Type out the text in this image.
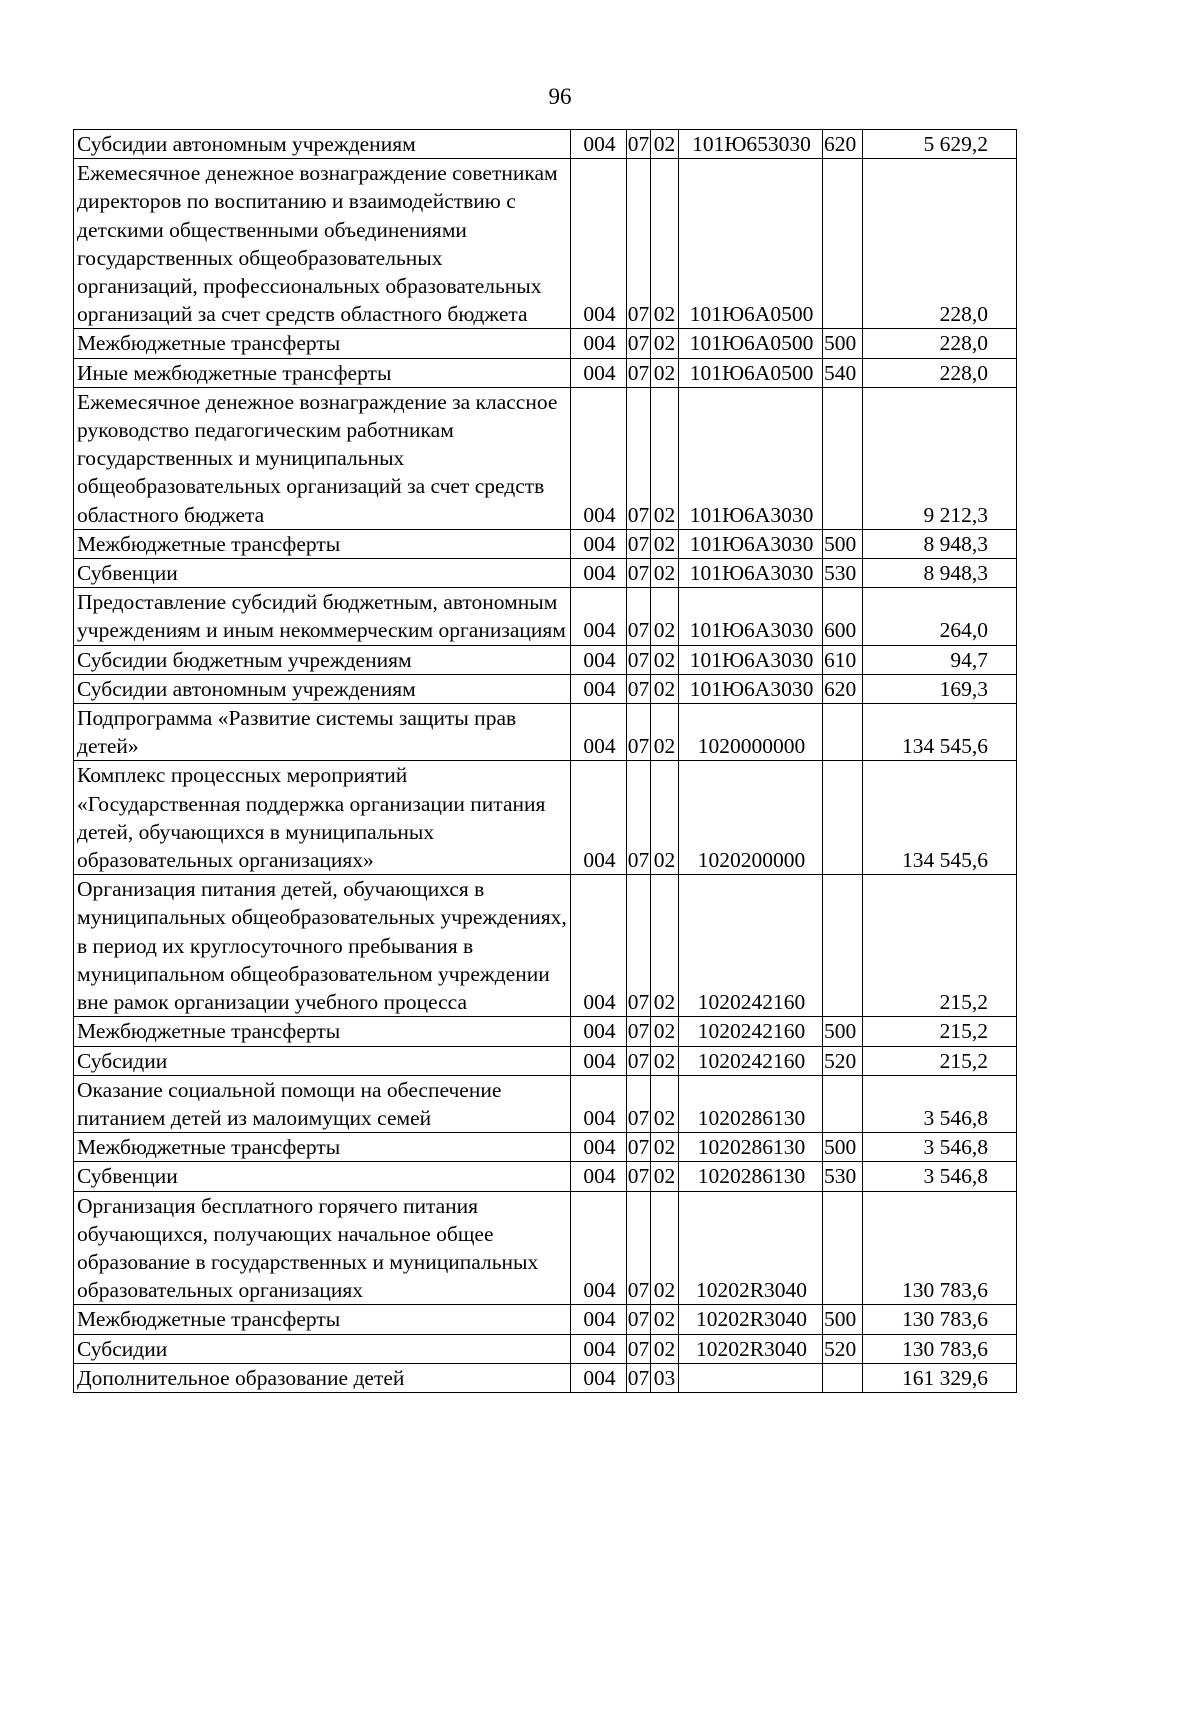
96
Субсидии автономным учреждениям	004	07	02	101Ю653030	620	5 629,2
Ежемесячное денежное вознаграждение советникам директоров по воспитанию и взаимодействию с детскими общественными объединениями государственных общеобразовательных организаций, профессиональных образовательных организаций за счет средств областного бюджета	004	07	02	101Ю6А0500		228,0
Межбюджетные трансферты	004	07	02	101Ю6А0500	500	228,0
Иные межбюджетные трансферты	004	07	02	101Ю6А0500	540	228,0
Ежемесячное денежное вознаграждение за классное руководство педагогическим работникам государственных и муниципальных общеобразовательных организаций за счет средств областного бюджета	004	07	02	101Ю6А3030		9 212,3
Межбюджетные трансферты	004	07	02	101Ю6А3030	500	8 948,3
Субвенции	004	07	02	101Ю6А3030	530	8 948,3
Предоставление субсидий бюджетным, автономным учреждениям и иным некоммерческим организациям	004	07	02	101Ю6А3030	600	264,0
Субсидии бюджетным учреждениям	004	07	02	101Ю6А3030	610	94,7
Субсидии автономным учреждениям	004	07	02	101Ю6А3030	620	169,3
Подпрограмма «Развитие системы защиты прав детей»	004	07	02	1020000000		134 545,6
Комплекс процессных мероприятий «Государственная поддержка организации питания детей, обучающихся в муниципальных образовательных организациях»	004	07	02	1020200000		134 545,6
Организация питания детей, обучающихся в муниципальных общеобразовательных учреждениях, в период их круглосуточного пребывания в муниципальном общеобразовательном учреждении вне рамок организации учебного процесса	004	07	02	1020242160		215,2
Межбюджетные трансферты	004	07	02	1020242160	500	215,2
Субсидии	004	07	02	1020242160	520	215,2
Оказание социальной помощи на обеспечение питанием детей из малоимущих семей	004	07	02	1020286130		3 546,8
Межбюджетные трансферты	004	07	02	1020286130	500	3 546,8
Субвенции	004	07	02	1020286130	530	3 546,8
Организация бесплатного горячего питания обучающихся, получающих начальное общее образование в государственных и муниципальных образовательных организациях	004	07	02	10202R3040		130 783,6
Межбюджетные трансферты	004	07	02	10202R3040	500	130 783,6
Субсидии	004	07	02	10202R3040	520	130 783,6
Дополнительное образование детей	004	07	03			161 329,6
